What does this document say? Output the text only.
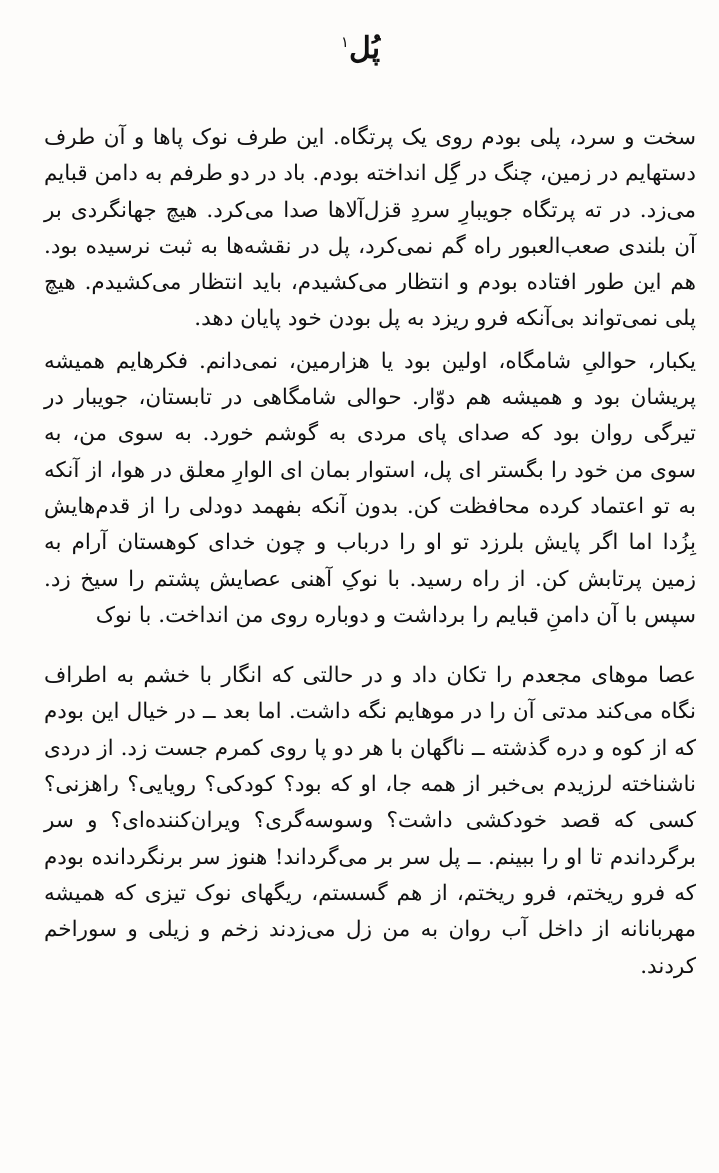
پُل$^۱$

سخت و سرد، پلی بودم روی یک پرتگاه. این طرف نوک پاها و آن طرف دستهایم در زمین، چنگ در گِل انداخته بودم. باد در دو طرفم به دامن قبایم می‌زد. در ته پرتگاه جویبارِ سردِ قزل‌آلاها صدا می‌کرد. هیچ جهانگردی بر آن بلندی صعب‌العبور راه گم نمی‌کرد، پل در نقشه‌ها به ثبت نرسیده بود. هم این طور افتاده بودم و انتظار می‌کشیدم، باید انتظار می‌کشیدم. هیچ پلی نمی‌تواند بی‌آنکه فرو ریزد به پل بودن خود پایان دهد.

یکبار، حوالیِ شامگاه، اولین بود یا هزارمین، نمی‌دانم. فکرهایم همیشه پریشان بود و همیشه هم دوّار. حوالی شامگاهی در تابستان، جویبار در تیرگی روان بود که صدای پای مردی به گوشم خورد. به سوی من، به سوی من خود را بگستر ای پل، استوار بمان ای الوارِ معلق در هوا، از آنکه به تو اعتماد کرده محافظت کن. بدون آنکه بفهمد دودلی را از قدم‌هایش بِزُدا اما اگر پایش بلرزد تو او را درباب و چون خدای کوهستان آرام به زمین پرتابش کن. از راه رسید. با نوکِ آهنی عصایش پشتم را سیخ زد. سپس با آن دامنِ قبایم را برداشت و دوباره روی من انداخت. با نوک

عصا موهای مجعدم را تکان داد و در حالتی که انگار با خشم به اطراف نگاه می‌کند مدتی آن را در موهایم نگه داشت. اما بعد ــ در خیال این بودم که از کوه و دره گذشته ــ ناگهان با هر دو پا روی کمرم جست زد. از دردی ناشناخته لرزیدم بی‌خبر از همه جا، او که بود؟ کودکی؟ رویایی؟ راهزنی؟ کسی که قصد خودکشی داشت؟ وسوسه‌گری؟ ویران‌کننده‌ای؟ و سر برگرداندم تا او را ببینم. ــ پل سر بر می‌گرداند! هنوز سر برنگردانده بودم که فرو ریختم، فرو ریختم، از هم گسستم، ریگهای نوک تیزی که همیشه مهربانانه از داخل آب روان به من زل می‌زدند زخم و زیلی و سوراخم کردند.
